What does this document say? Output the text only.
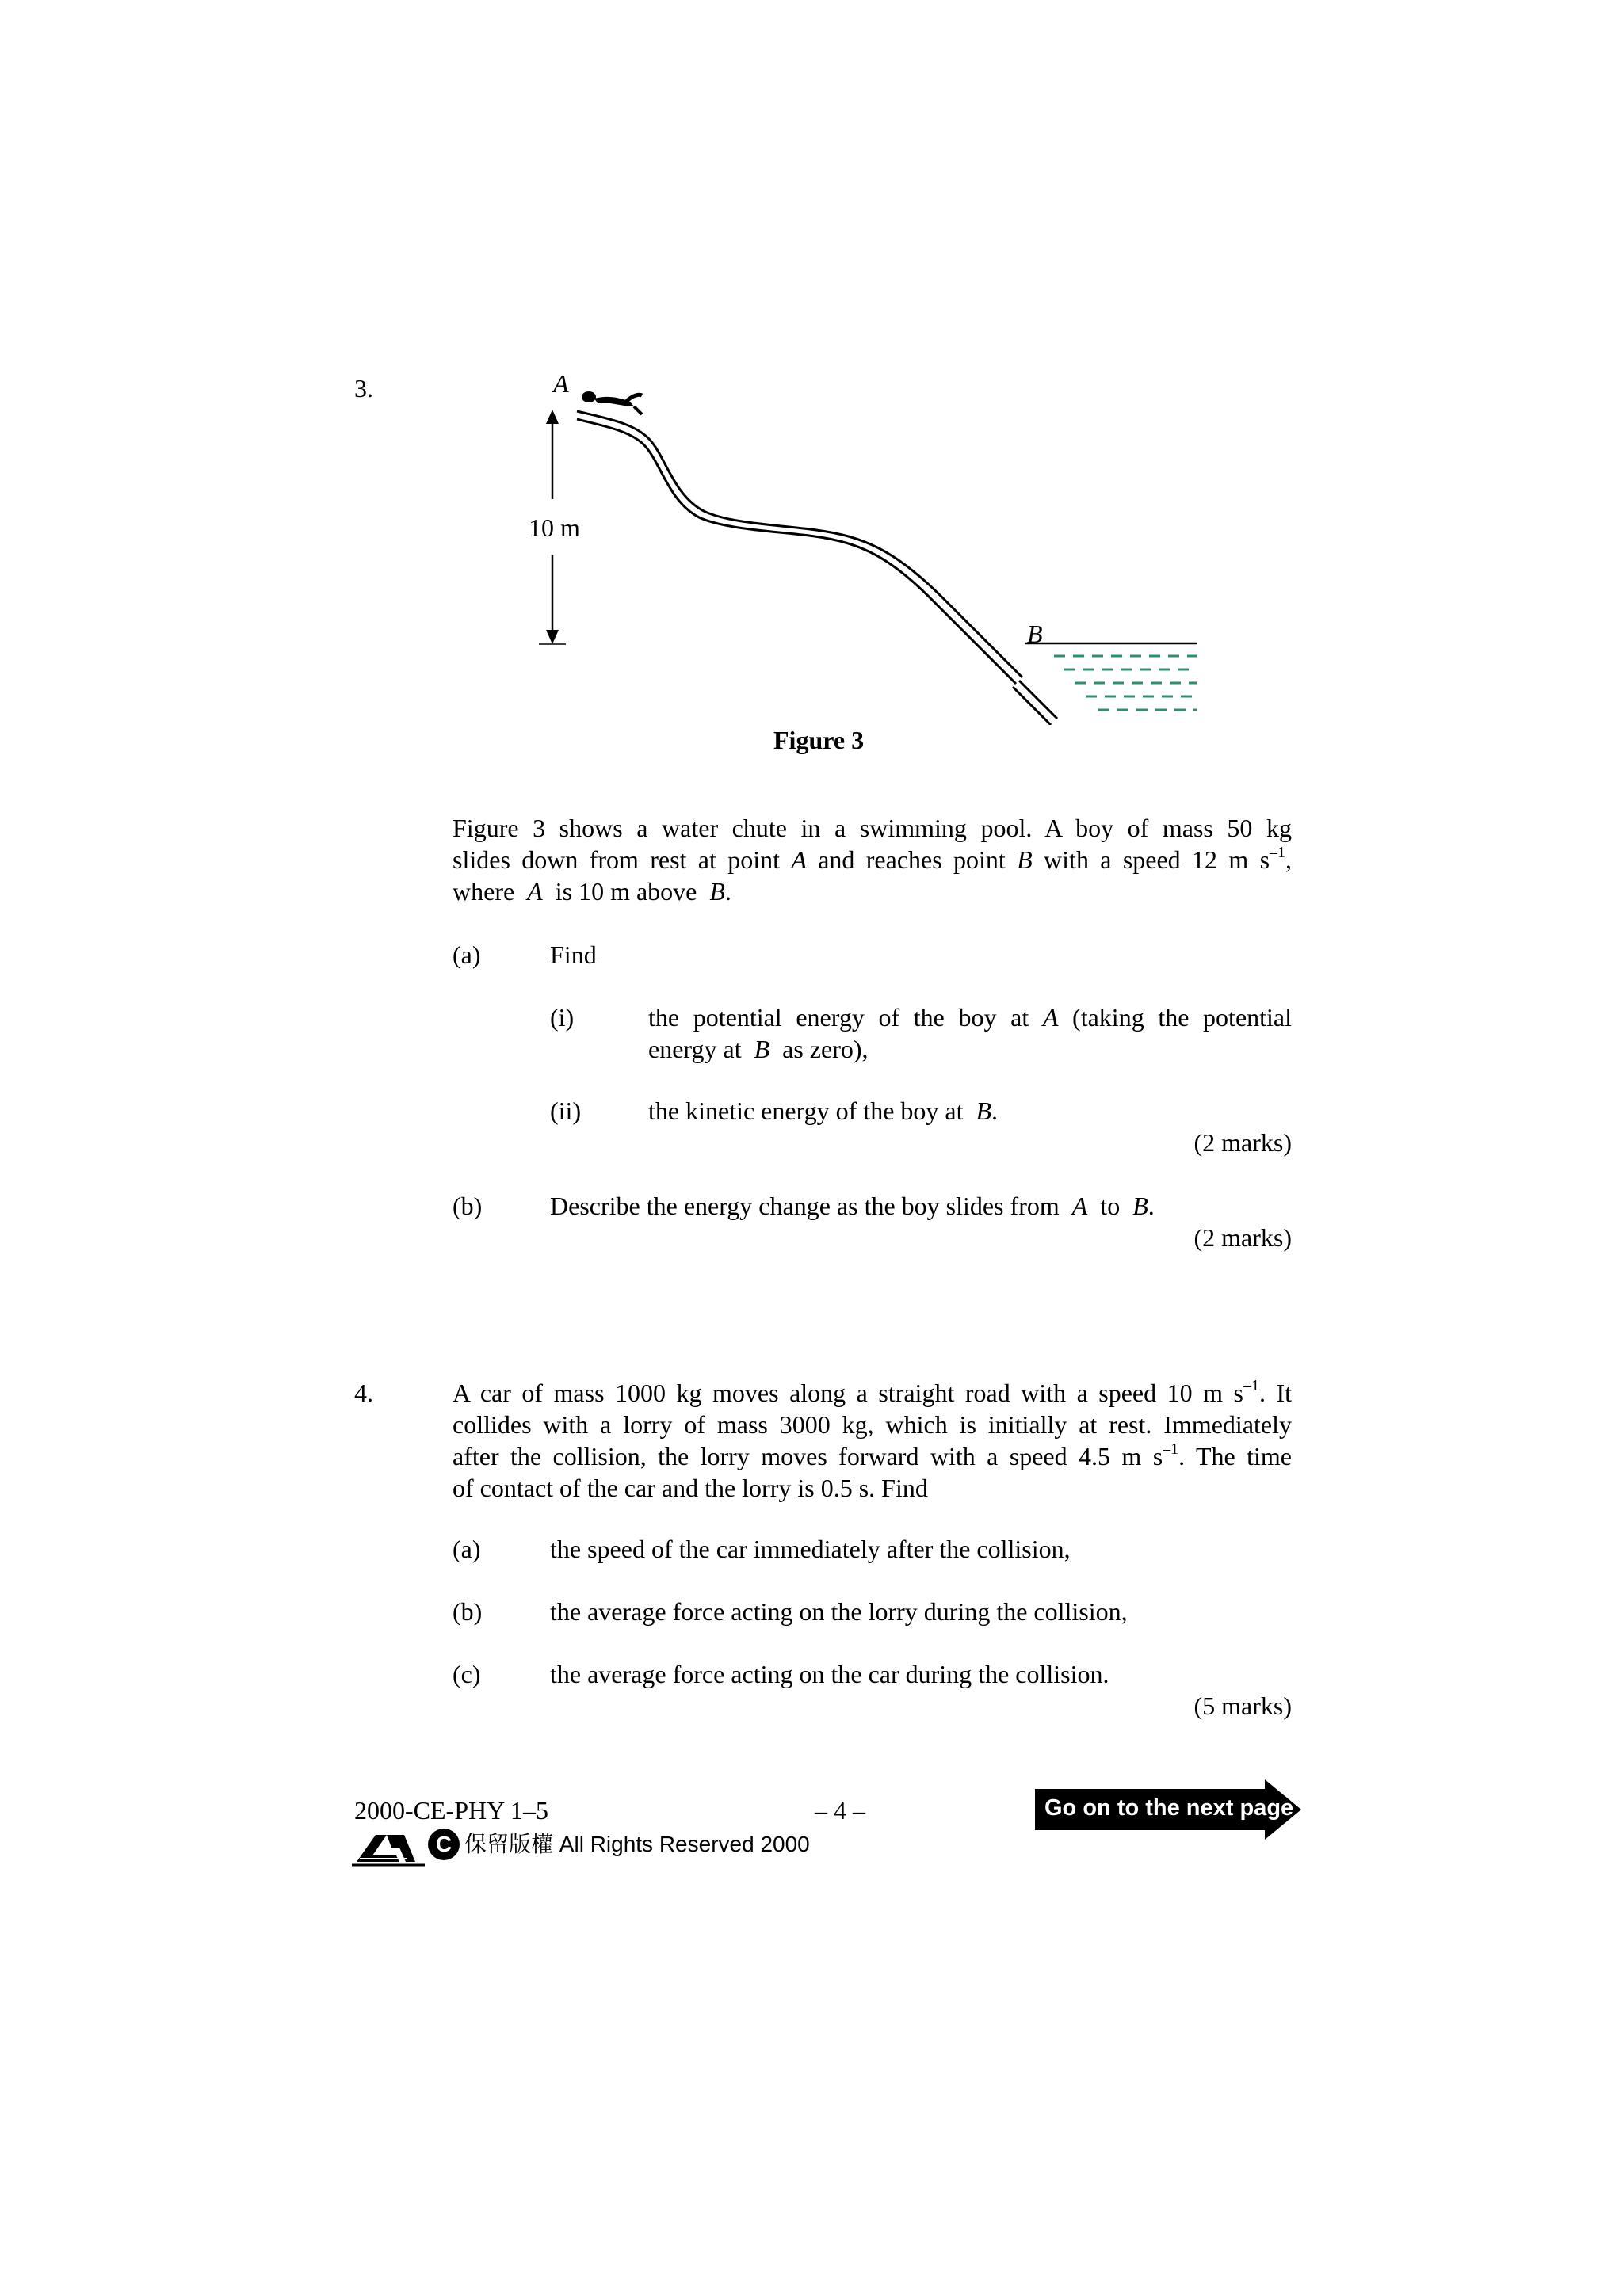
3.	A
10 m
B
Figure 3
Figure 3 shows a water chute in a swimming pool. A boy of mass 50 kg
slides down from rest at point A and reaches point B with a speed 12 m $s^{-1}$,
where A is 10 m above B.
(a)	Find
(i)	the potential energy of the boy at A (taking the potential
energy at B as zero),
(ii)	the kinetic energy of the boy at B.
(2 marks)
(b)	Describe the energy change as the boy slides from A to B.
(2 marks)
4.	A car of mass 1000 kg moves along a straight road with a speed 10 m $s^{-1}$. It
collides with a lorry of mass 3000 kg, which is initially at rest. Immediately
after the collision, the lorry moves forward with a speed 4.5 m $s^{-1}$. The time
of contact of the car and the lorry is 0.5 s. Find
(a)	the speed of the car immediately after the collision,
(b)	the average force acting on the lorry during the collision,
(c)	the average force acting on the car during the collision.
(5 marks)
2000-CE-PHY 1–5	– 4 –	Go on to the next page
C 保留版權 All Rights Reserved 2000
